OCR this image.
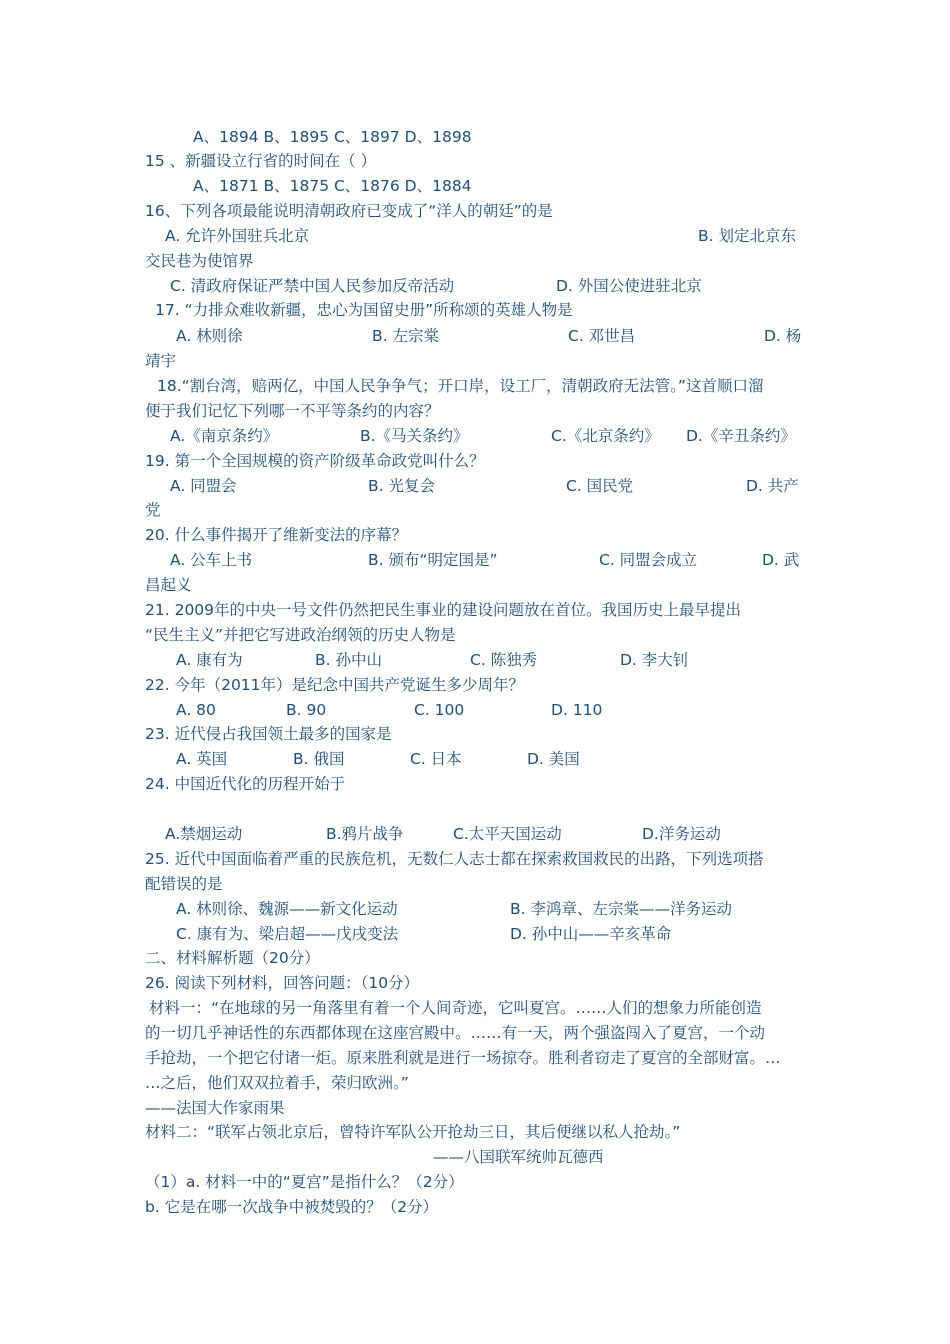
A、1894 B、1895 C、1897 D、1898
15 、新疆设立行省的时间在（ ）
A、1871 B、1875 C、1876 D、1884
16、下列各项最能说明清朝政府已变成了“洋人的朝廷”的是
A. 允许外国驻兵北京	B. 划定北京东
交民巷为使馆界
C. 清政府保证严禁中国人民参加反帝活动	D. 外国公使进驻北京
17. “力排众难收新疆，忠心为国留史册”所称颂的英雄人物是
A. 林则徐	B. 左宗棠	C. 邓世昌	D. 杨
靖宇
18.“割台湾，赔两亿，中国人民争争气；开口岸，设工厂，清朝政府无法管。”这首顺口溜
便于我们记忆下列哪一不平等条约的内容？
A.《南京条约》	B.《马关条约》	C.《北京条约》 D.《辛丑条约》
19. 第一个全国规模的资产阶级革命政党叫什么？
A. 同盟会	B. 光复会	C. 国民党	D. 共产
党
20. 什么事件揭开了维新变法的序幕？
A. 公车上书	B. 颁布“明定国是”	C. 同盟会成立	D. 武
昌起义
21. 2009年的中央一号文件仍然把民生事业的建设问题放在首位。我国历史上最早提出
“民生主义”并把它写进政治纲领的历史人物是
A. 康有为	B. 孙中山	C. 陈独秀	D. 李大钊
22. 今年（2011年）是纪念中国共产党诞生多少周年？
A. 80	B. 90	C. 100	D. 110
23. 近代侵占我国领土最多的国家是
A. 英国	B. 俄国	C. 日本	D. 美国
24. 中国近代化的历程开始于
A.禁烟运动	B.鸦片战争	C.太平天国运动	D.洋务运动
25. 近代中国面临着严重的民族危机，无数仁人志士都在探索救国救民的出路，下列选项搭
配错误的是
A. 林则徐、魏源——新文化运动	B. 李鸿章、左宗棠——洋务运动
C. 康有为、梁启超——戊戌变法	D. 孙中山——辛亥革命
二、材料解析题（20分）
26. 阅读下列材料，回答问题：（10分）
材料一：“在地球的另一角落里有着一个人间奇迹，它叫夏宫。……人们的想象力所能创造
的一切几乎神话性的东西都体现在这座宫殿中。……有一天，两个强盗闯入了夏宫，一个动
手抢劫，一个把它付诸一炬。原来胜利就是进行一场掠夺。胜利者窃走了夏宫的全部财富。…
…之后，他们双双拉着手，荣归欧洲。”
——法国大作家雨果
材料二：“联军占领北京后，曾特许军队公开抢劫三日，其后便继以私人抢劫。”
——八国联军统帅瓦德西
（1）a. 材料一中的“夏宫”是指什么？（2分）
b. 它是在哪一次战争中被焚毁的？（2分）
